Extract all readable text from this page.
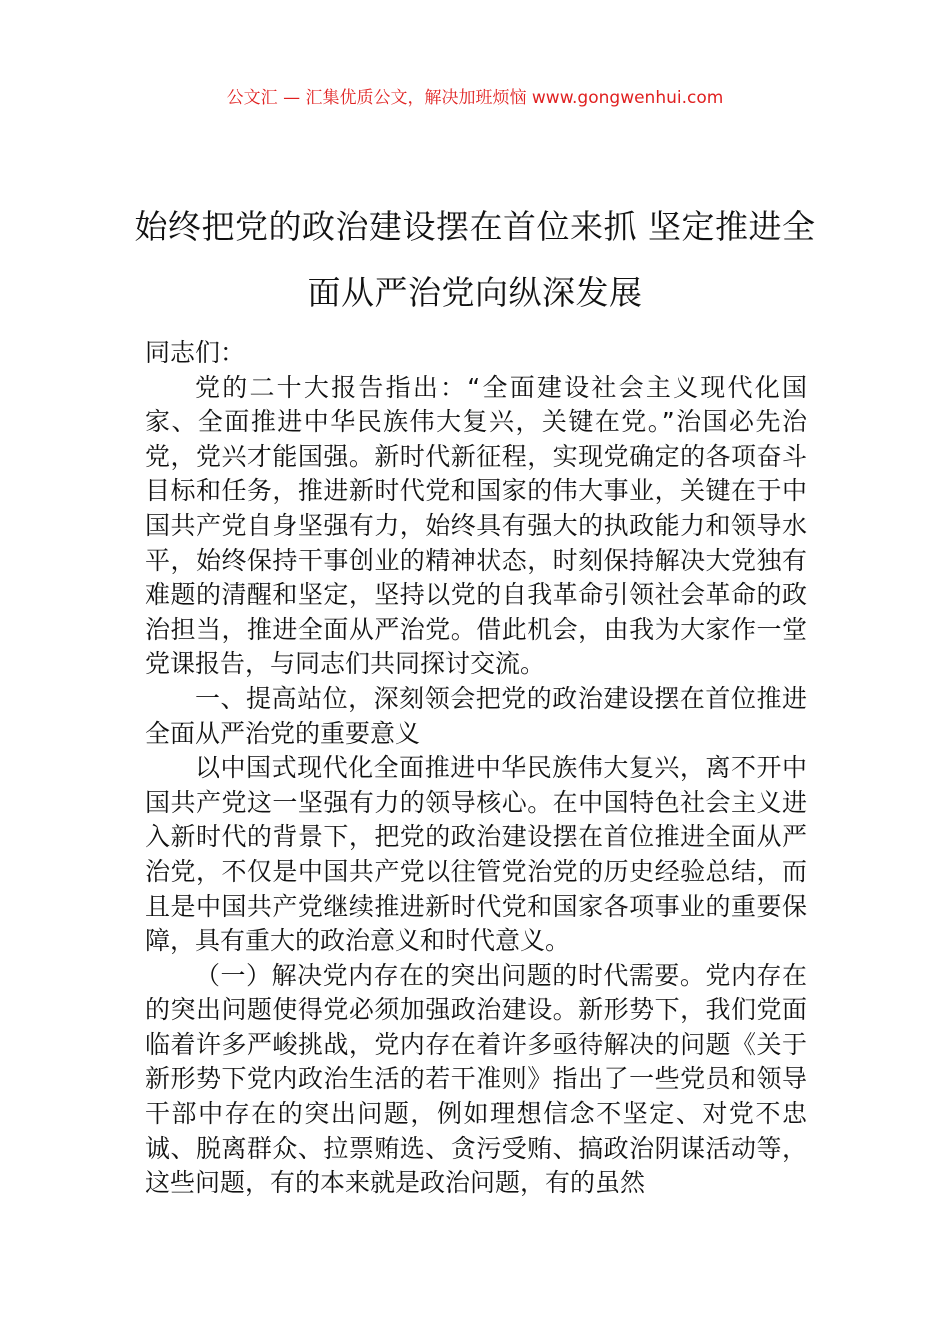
公文汇 — 汇集优质公文，解决加班烦恼 www.gongwenhui.com
始终把党的政治建设摆在首位来抓 坚定推进全面从严治党向纵深发展

同志们：

党的二十大报告指出：“全面建设社会主义现代化国家、全面推进中华民族伟大复兴，关键在党。”治国必先治党，党兴才能国强。新时代新征程，实现党确定的各项奋斗目标和任务，推进新时代党和国家的伟大事业，关键在于中国共产党自身坚强有力，始终具有强大的执政能力和领导水平，始终保持干事创业的精神状态，时刻保持解决大党独有难题的清醒和坚定，坚持以党的自我革命引领社会革命的政治担当，推进全面从严治党。借此机会，由我为大家作一堂党课报告，与同志们共同探讨交流。

一、提高站位，深刻领会把党的政治建设摆在首位推进全面从严治党的重要意义

以中国式现代化全面推进中华民族伟大复兴，离不开中国共产党这一坚强有力的领导核心。在中国特色社会主义进入新时代的背景下，把党的政治建设摆在首位推进全面从严治党，不仅是中国共产党以往管党治党的历史经验总结，而且是中国共产党继续推进新时代党和国家各项事业的重要保障，具有重大的政治意义和时代意义。

（一）解决党内存在的突出问题的时代需要。党内存在的突出问题使得党必须加强政治建设。新形势下，我们党面临着许多严峻挑战，党内存在着许多亟待解决的问题《关于新形势下党内政治生活的若干准则》指出了一些党员和领导干部中存在的突出问题，例如理想信念不坚定、对党不忠诚、脱离群众、拉票贿选、贪污受贿、搞政治阴谋活动等，这些问题，有的本来就是政治问题，有的虽然
